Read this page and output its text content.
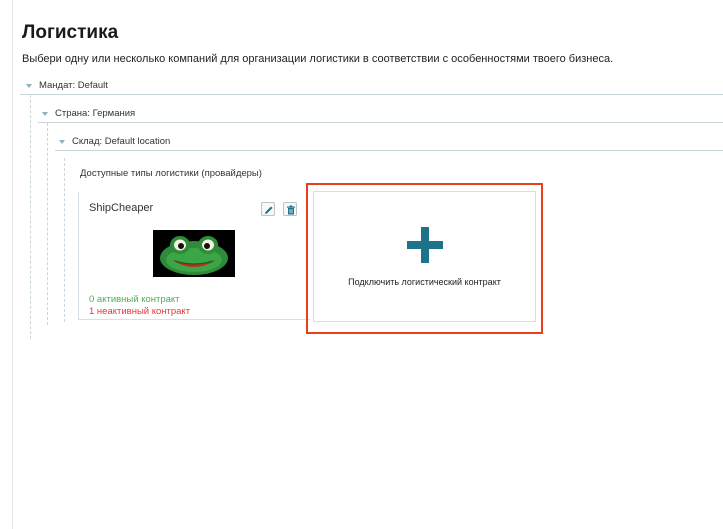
Логистика

Выбери одну или несколько компаний для организации логистики в соответствии с особенностями твоего бизнеса.

Мандат: Default
Страна: Германия
Склад: Default location
Доступные типы логистики (провайдеры)
ShipCheaper
0 активный контракт
1 неактивный контракт
Подключить логистический контракт
